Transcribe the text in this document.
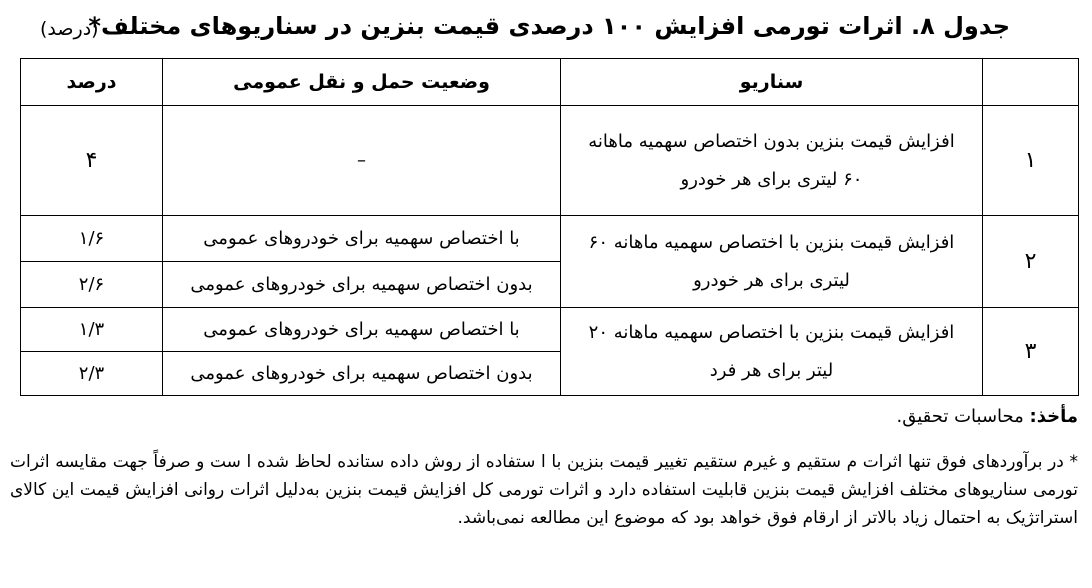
جدول ۸. اثرات تورمی افزایش ۱۰۰ درصدی قیمت بنزین در سناریوهای مختلف*
(درصد)
	سناریو	وضعیت حمل و نقل عمومی	درصد
۱	افزایش قیمت بنزین بدون اختصاص سهمیه ماهانه ۶۰ لیتری برای هر خودرو	–	۴
۲	افزایش قیمت بنزین با اختصاص سهمیه ماهانه ۶۰ لیتری برای هر خودرو	با اختصاص سهمیه برای خودروهای عمومی	۱/۶
		بدون اختصاص سهمیه برای خودروهای عمومی	۲/۶
۳	افزایش قیمت بنزین با اختصاص سهمیه ماهانه ۲۰ لیتر برای هر فرد	با اختصاص سهمیه برای خودروهای عمومی	۱/۳
		بدون اختصاص سهمیه برای خودروهای عمومی	۲/۳
مأخذ: محاسبات تحقیق.
* در برآوردهای فوق تنها اثرات م ستقیم و غیرم ستقیم تغییر قیمت بنزین با ا ستفاده از روش داده ستانده لحاظ شده ا ست و صرفاً جهت مقایسه اثرات تورمی سناریوهای مختلف افزایش قیمت بنزین قابلیت استفاده دارد و اثرات تورمی کل افزایش قیمت بنزین به‌دلیل اثرات روانی افزایش قیمت این کالای استراتژیک به احتمال زیاد بالاتر از ارقام فوق خواهد بود که موضوع این مطالعه نمی‌باشد.
